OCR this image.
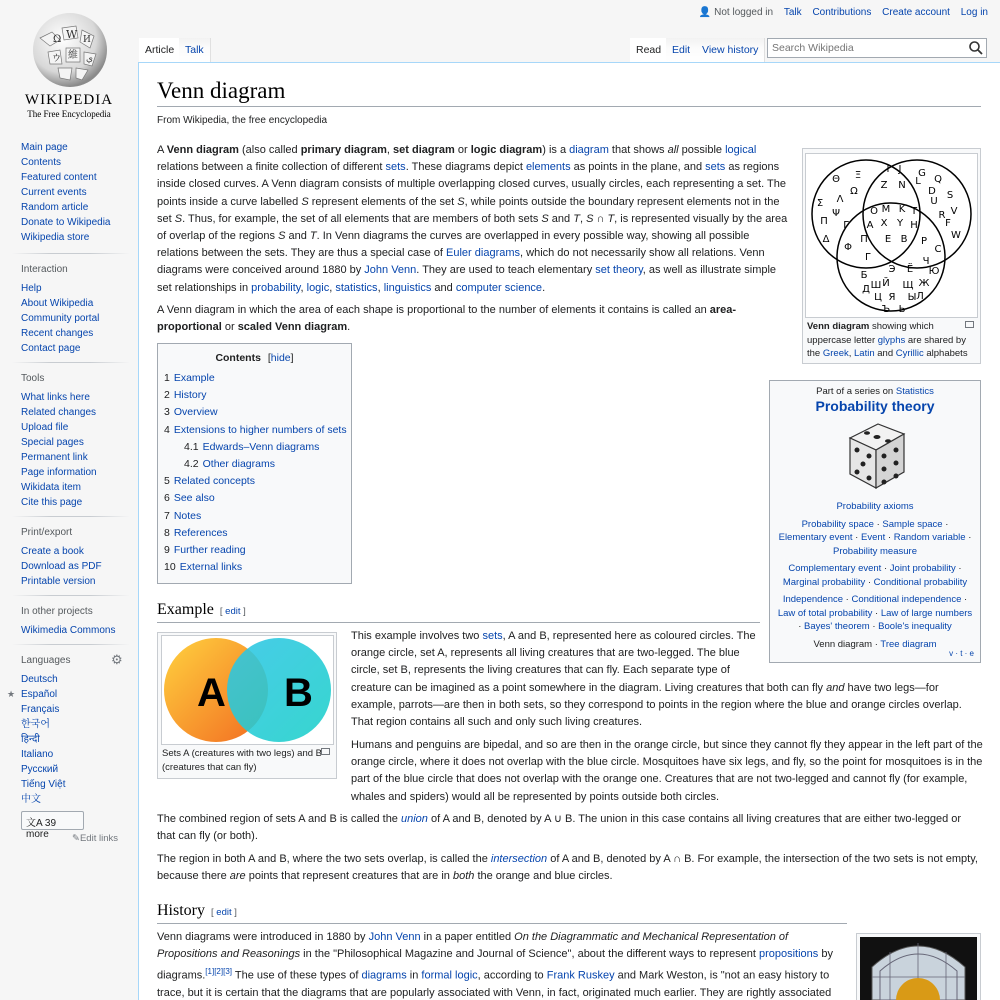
Ω W И
維
ウ	ي
WIKIPEDIA
The Free Encyclopedia
👤 Not logged in Talk Contributions Create account Log in
Article	Talk	Read	Edit	View history
Search Wikipedia
Main page
Contents
Featured content
Current events
Random article
Donate to Wikipedia
Wikipedia store
Interaction
Help
About Wikipedia
Community portal
Recent changes
Contact page
Tools
What links here
Related changes
Upload file
Special pages
Permanent link
Page information
Wikidata item
Cite this page
Print/export
Create a book
Download as PDF
Printable version
In other projects
Wikimedia Commons
Languages	⚙
Deutsch
Español
★
Français
한국어
हिन्दी
Italiano
Русский
Tiếng Việt
中文
文A 39 more	✎Edit links
Venn diagram
From Wikipedia, the free encyclopedia
A Venn diagram (also called primary diagram, set diagram or logic diagram) is a diagram that shows all possible logical
relations between a finite collection of different sets. These diagrams depict elements as points in the plane, and sets as regions
inside closed curves. A Venn diagram consists of multiple overlapping closed curves, usually circles, each representing a set. The
points inside a curve labelled S represent elements of the set S, while points outside the boundary represent elements not in the
set S. Thus, for example, the set of all elements that are members of both sets S and T, S ∩ T, is represented visually by the area
of overlap of the regions S and T. In Venn diagrams the curves are overlapped in every possible way, showing all possible
relations between the sets. They are thus a special case of Euler diagrams, which do not necessarily show all relations. Venn
diagrams were conceived around 1880 by John Venn. They are used to teach elementary set theory, as well as illustrate simple
set relationships in probability, logic, statistics, linguistics and computer science.
A Venn diagram in which the area of each shape is proportional to the number of elements it contains is called an area-
proportional or scaled Venn diagram.
Contents [hide]
1 Example
2 History
3 Overview
4 Extensions to higher numbers of sets
4.1 Edwards–Venn diagrams
4.2 Other diagrams
5 Related concepts
6 See also
7 Notes
8 References
9 Further reading
10 External links
Θ Ξ
Σ
Ψ
Δ
Λ
Π
Ω
Γ
J G
Q
S
U
V
W
D
F
L
R
Б
Э Ё
Й	Ж
Ю
Я
Ш Щ
Ц	Ы
Ъ Ь
Д
Л
Ч
I
Z N
C
Φ
Π
Г
O M K T
A X Y H
E B P
Venn diagram showing which uppercase letter glyphs are shared by the Greek, Latin and Cyrillic alphabets
Part of a series on Statistics
Probability theory
Probability axioms
Probability space · Sample space ·
Elementary event · Event · Random variable ·
Probability measure
Complementary event · Joint probability ·
Marginal probability · Conditional probability
Independence · Conditional independence ·
Law of total probability · Law of large numbers
· Bayes' theorem · Boole's inequality
Venn diagram · Tree diagram
v · t · e
Example [ edit ]
A B
Sets A (creatures with two legs) and B (creatures that can fly)
This example involves two sets, A and B, represented here as coloured circles. The
orange circle, set A, represents all living creatures that are two-legged. The blue
circle, set B, represents the living creatures that can fly. Each separate type of
creature can be imagined as a point somewhere in the diagram. Living creatures that both can fly and have two legs—for
example, parrots—are then in both sets, so they correspond to points in the region where the blue and orange circles overlap.
That region contains all such and only such living creatures.
Humans and penguins are bipedal, and so are then in the orange circle, but since they cannot fly they appear in the left part of the
orange circle, where it does not overlap with the blue circle. Mosquitoes have six legs, and fly, so the point for mosquitoes is in the
part of the blue circle that does not overlap with the orange one. Creatures that are not two-legged and cannot fly (for example,
whales and spiders) would all be represented by points outside both circles.
The combined region of sets A and B is called the union of A and B, denoted by A ∪ B. The union in this case contains all living creatures that are either two-legged or
that can fly (or both).
The region in both A and B, where the two sets overlap, is called the intersection of A and B, denoted by A ∩ B. For example, the intersection of the two sets is not empty,
because there are points that represent creatures that are in both the orange and blue circles.
History [ edit ]
Venn diagrams were introduced in 1880 by John Venn in a paper entitled On the Diagrammatic and Mechanical Representation of
Propositions and Reasonings in the "Philosophical Magazine and Journal of Science", about the different ways to represent propositions by
diagrams.[1][2][3] The use of these types of diagrams in formal logic, according to Frank Ruskey and Mark Weston, is "not an easy history to
trace, but it is certain that the diagrams that are popularly associated with Venn, in fact, originated much earlier. They are rightly associated
